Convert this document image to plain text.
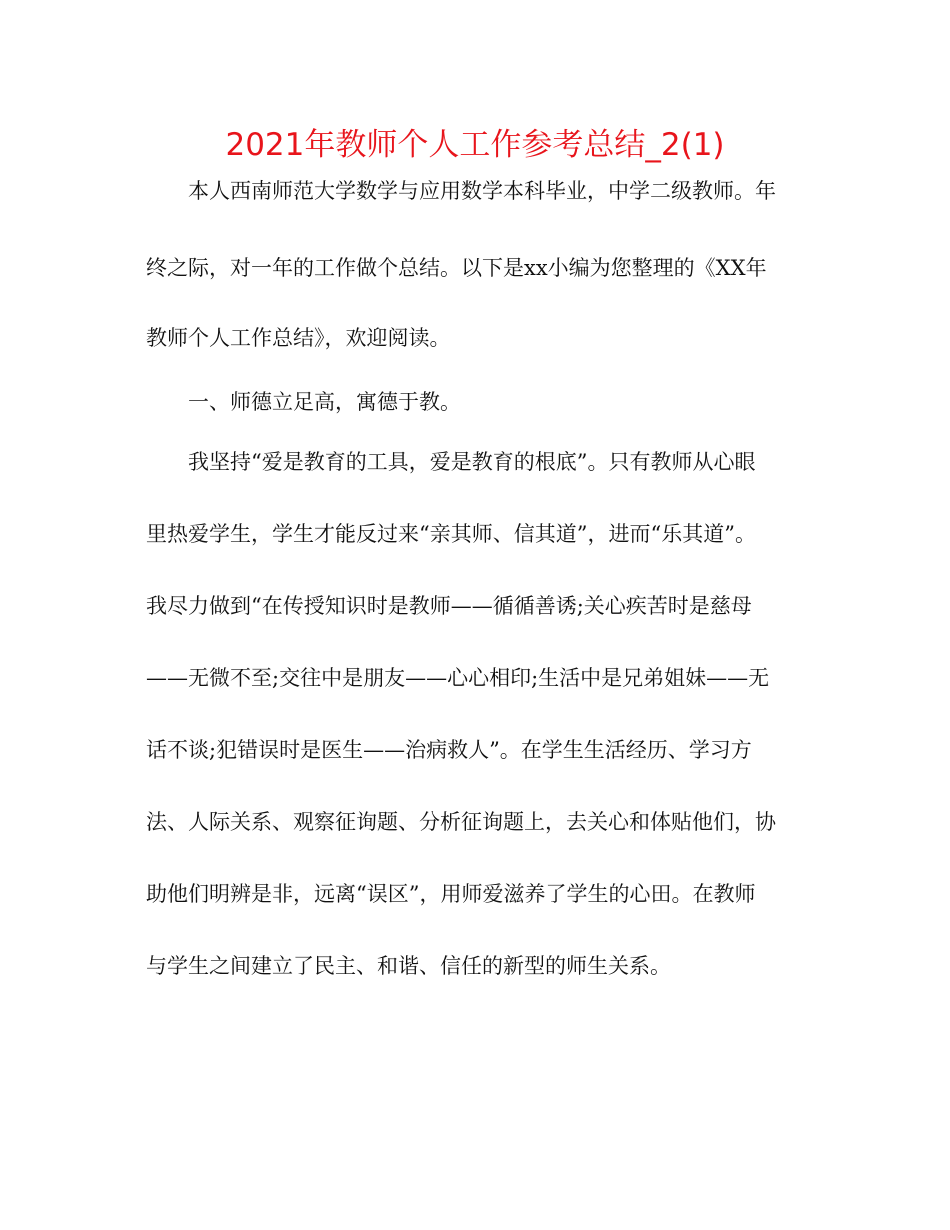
2021年教师个人工作参考总结_2(1)
本人西南师范大学数学与应用数学本科毕业，中学二级教师。年
终之际，对一年的工作做个总结。以下是xx小编为您整理的《XX年
教师个人工作总结》，欢迎阅读。
一、师德立足高，寓德于教。
我坚持“爱是教育的工具，爱是教育的根底”。只有教师从心眼
里热爱学生，学生才能反过来“亲其师、信其道”，进而“乐其道”。
我尽力做到“在传授知识时是教师——循循善诱;关心疾苦时是慈母
——无微不至;交往中是朋友——心心相印;生活中是兄弟姐妹——无
话不谈;犯错误时是医生——治病救人”。在学生生活经历、学习方
法、人际关系、观察征询题、分析征询题上，去关心和体贴他们，协
助他们明辨是非，远离“误区”，用师爱滋养了学生的心田。在教师
与学生之间建立了民主、和谐、信任的新型的师生关系。
